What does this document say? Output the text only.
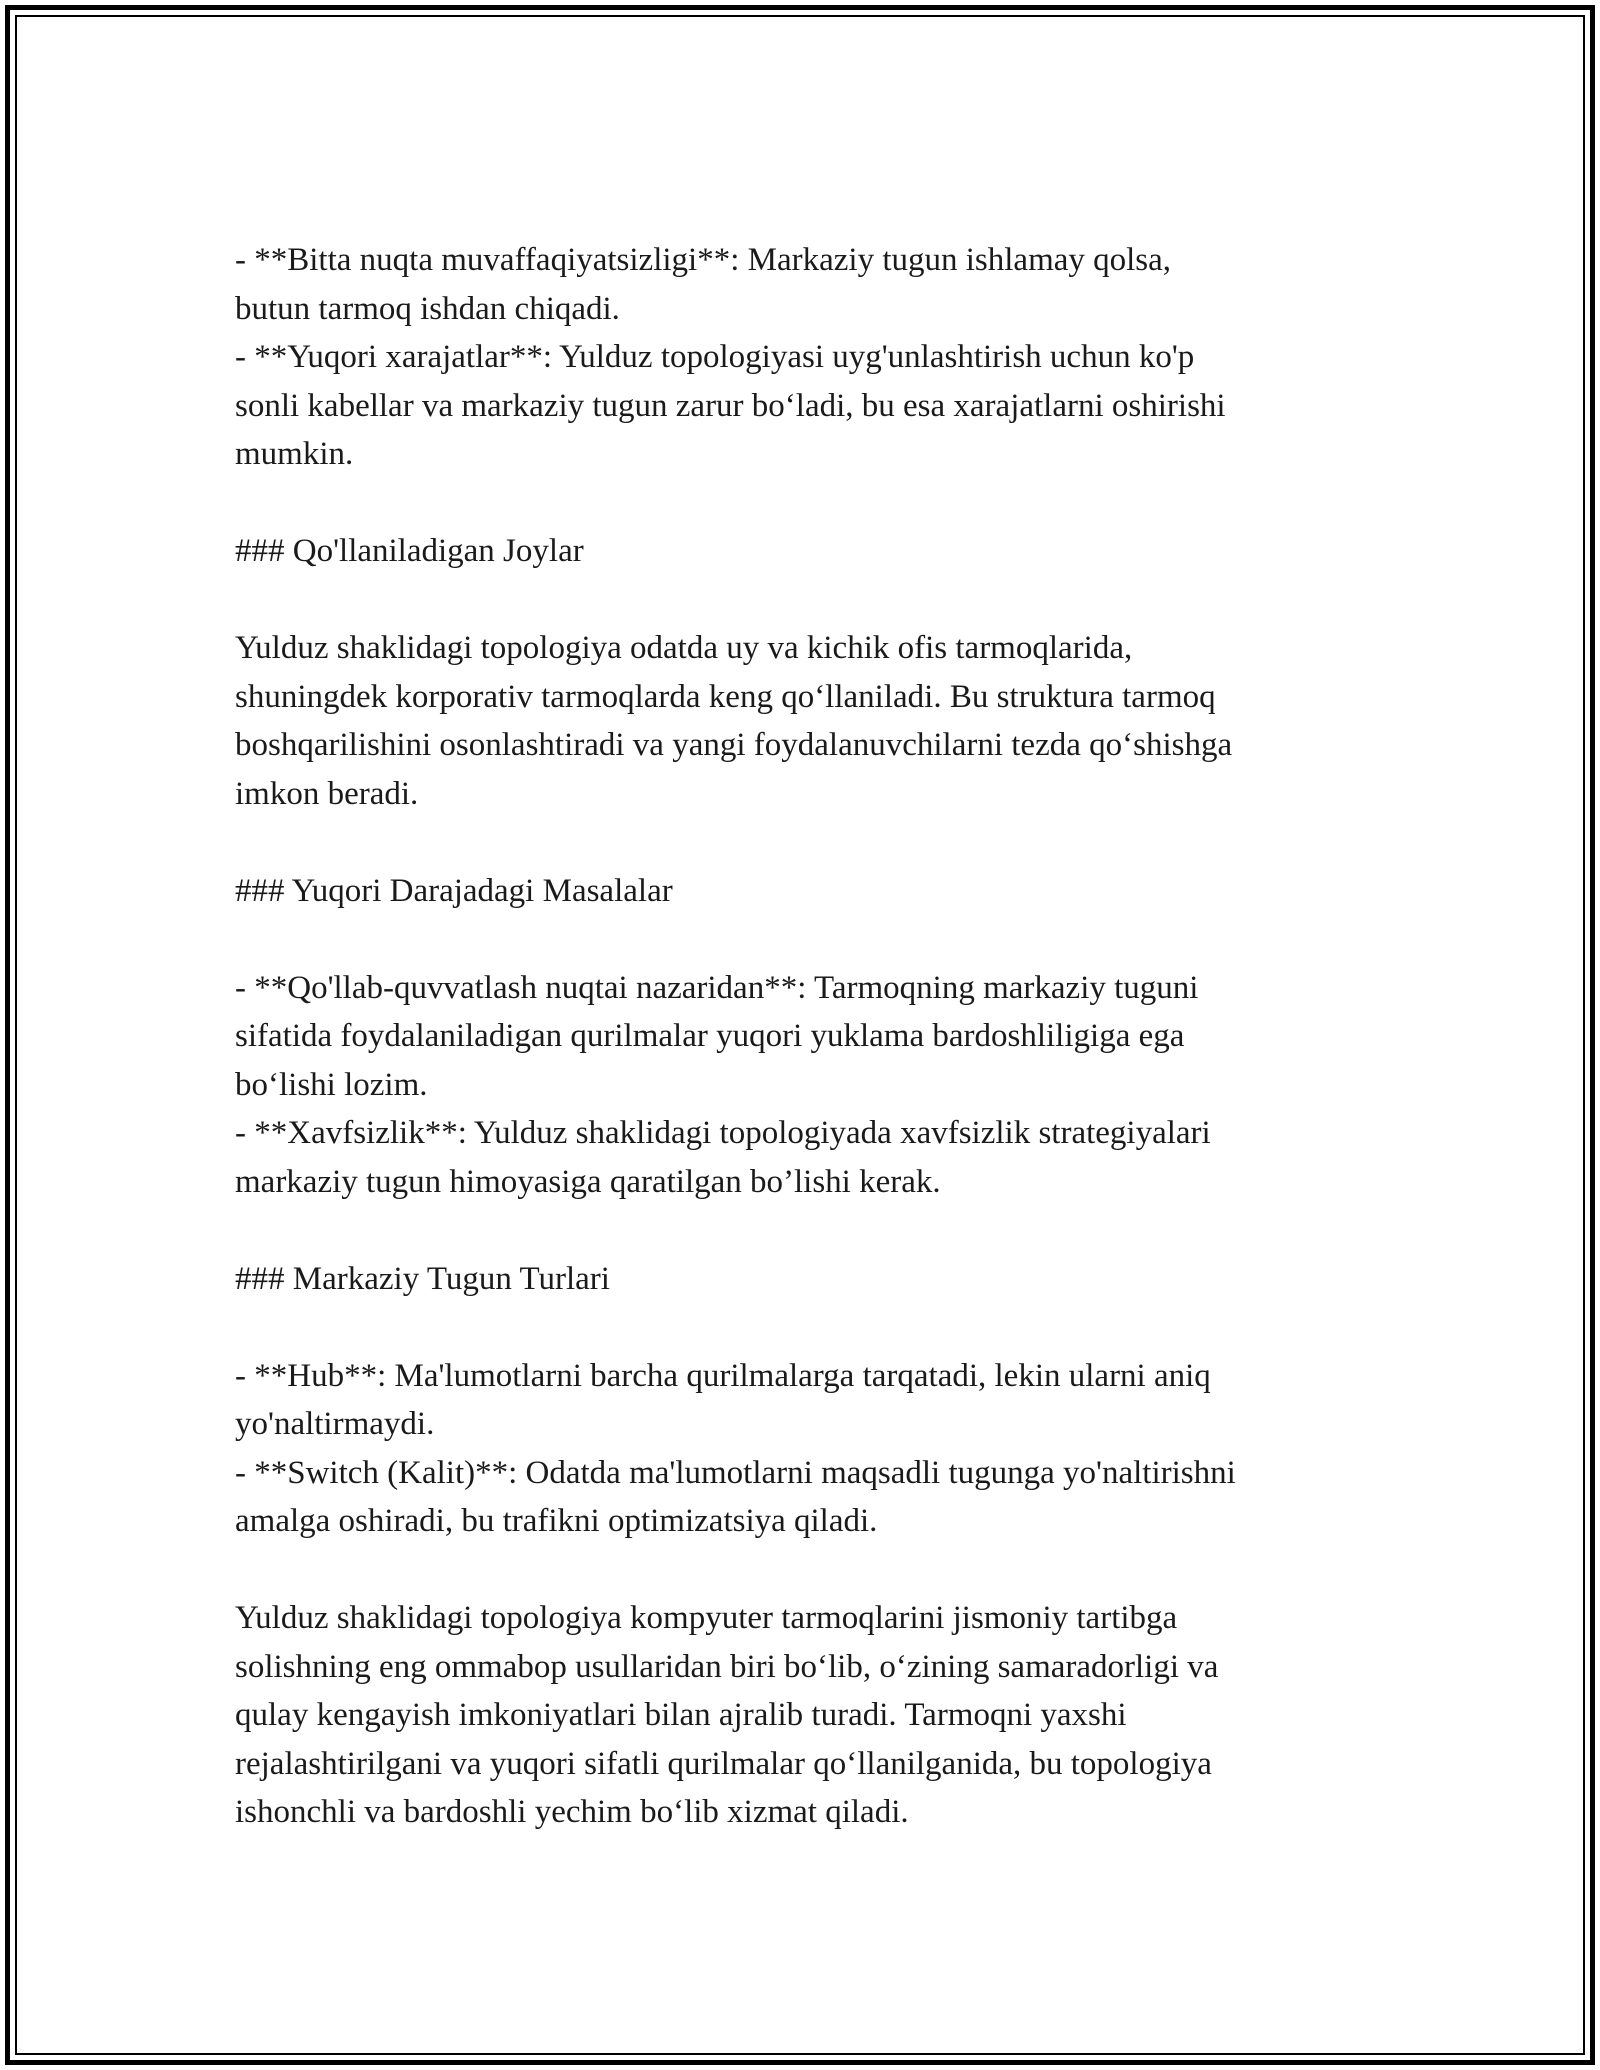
- **Bitta nuqta muvaffaqiyatsizligi**: Markaziy tugun ishlamay qolsa,
butun tarmoq ishdan chiqadi.
- **Yuqori xarajatlar**: Yulduz topologiyasi uyg'unlashtirish uchun ko'p
sonli kabellar va markaziy tugun zarur bo‘ladi, bu esa xarajatlarni oshirishi
mumkin.
### Qo'llaniladigan Joylar
Yulduz shaklidagi topologiya odatda uy va kichik ofis tarmoqlarida,
shuningdek korporativ tarmoqlarda keng qo‘llaniladi. Bu struktura tarmoq
boshqarilishini osonlashtiradi va yangi foydalanuvchilarni tezda qo‘shishga
imkon beradi.
### Yuqori Darajadagi Masalalar
- **Qo'llab-quvvatlash nuqtai nazaridan**: Tarmoqning markaziy tuguni
sifatida foydalaniladigan qurilmalar yuqori yuklama bardoshliligiga ega
bo‘lishi lozim.
- **Xavfsizlik**: Yulduz shaklidagi topologiyada xavfsizlik strategiyalari
markaziy tugun himoyasiga qaratilgan bo’lishi kerak.
### Markaziy Tugun Turlari
- **Hub**: Ma'lumotlarni barcha qurilmalarga tarqatadi, lekin ularni aniq
yo'naltirmaydi.
- **Switch (Kalit)**: Odatda ma'lumotlarni maqsadli tugunga yo'naltirishni
amalga oshiradi, bu trafikni optimizatsiya qiladi.
Yulduz shaklidagi topologiya kompyuter tarmoqlarini jismoniy tartibga
solishning eng ommabop usullaridan biri bo‘lib, o‘zining samaradorligi va
qulay kengayish imkoniyatlari bilan ajralib turadi. Tarmoqni yaxshi
rejalashtirilgani va yuqori sifatli qurilmalar qo‘llanilganida, bu topologiya
ishonchli va bardoshli yechim bo‘lib xizmat qiladi.
